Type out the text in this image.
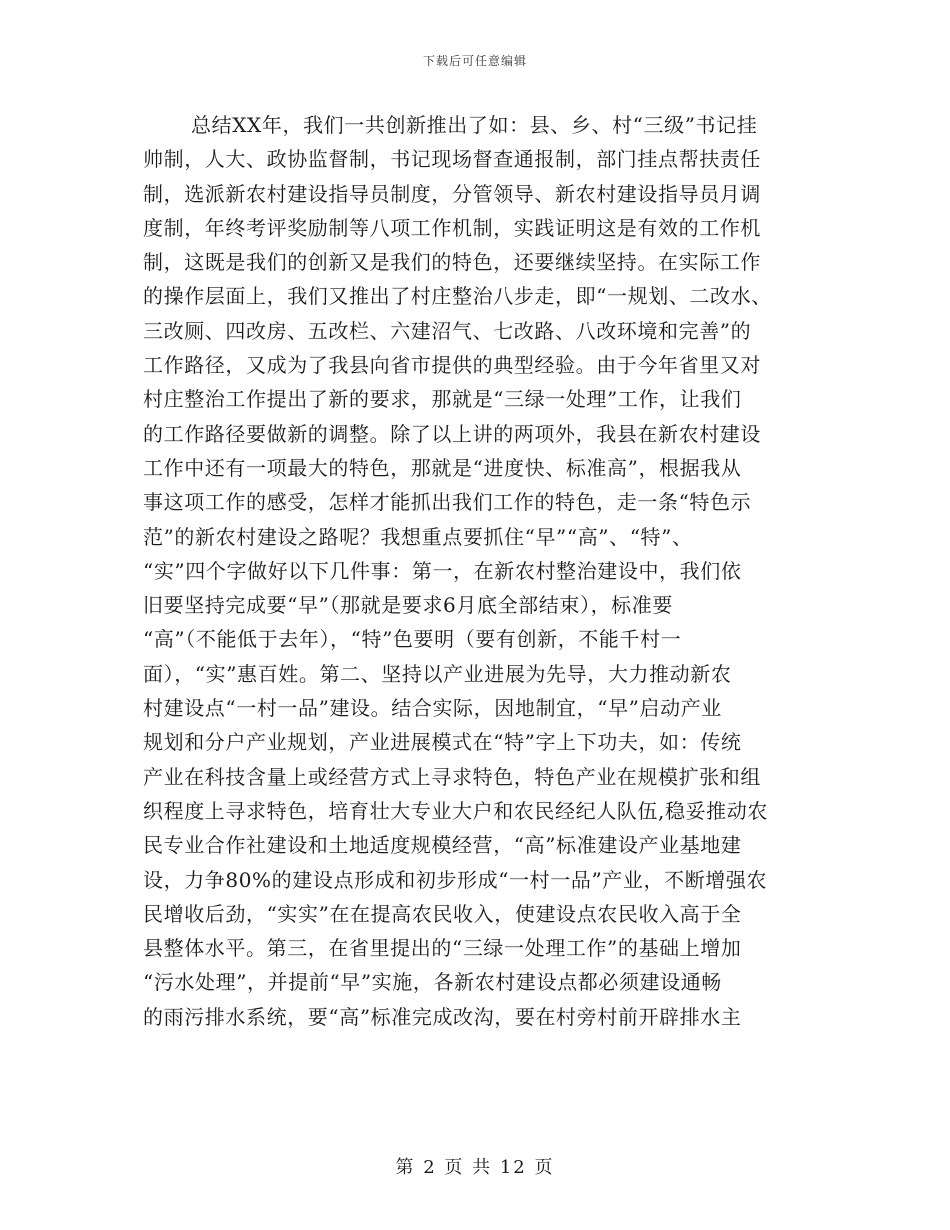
下载后可任意编辑
总结XX年，我们一共创新推出了如：县、乡、村“三级”书记挂
帅制，人大、政协监督制，书记现场督查通报制，部门挂点帮扶责任
制，选派新农村建设指导员制度，分管领导、新农村建设指导员月调
度制，年终考评奖励制等八项工作机制，实践证明这是有效的工作机
制，这既是我们的创新又是我们的特色，还要继续坚持。在实际工作
的操作层面上，我们又推出了村庄整治八步走，即“一规划、二改水、
三改厕、四改房、五改栏、六建沼气、七改路、八改环境和完善”的
工作路径，又成为了我县向省市提供的典型经验。由于今年省里又对
村庄整治工作提出了新的要求，那就是“三绿一处理”工作，让我们
的工作路径要做新的调整。除了以上讲的两项外，我县在新农村建设
工作中还有一项最大的特色，那就是“进度快、标准高”，根据我从
事这项工作的感受，怎样才能抓出我们工作的特色，走一条“特色示
范”的新农村建设之路呢？我想重点要抓住“早”“高”、“特”、
“实”四个字做好以下几件事：第一，在新农村整治建设中，我们依
旧要坚持完成要“早”（那就是要求6月底全部结束），标准要
“高”（不能低于去年），“特”色要明（要有创新，不能千村一
面），“实”惠百姓。第二、坚持以产业进展为先导，大力推动新农
村建设点“一村一品”建设。结合实际，因地制宜，“早”启动产业
规划和分户产业规划，产业进展模式在“特”字上下功夫，如：传统
产业在科技含量上或经营方式上寻求特色，特色产业在规模扩张和组
织程度上寻求特色，培育壮大专业大户和农民经纪人队伍,稳妥推动农
民专业合作社建设和土地适度规模经营，“高”标准建设产业基地建
设，力争80%的建设点形成和初步形成“一村一品”产业，不断增强农
民增收后劲，“实实”在在提高农民收入，使建设点农民收入高于全
县整体水平。第三，在省里提出的“三绿一处理工作”的基础上增加
“污水处理”，并提前“早”实施，各新农村建设点都必须建设通畅
的雨污排水系统，要“高”标准完成改沟，要在村旁村前开辟排水主
第 2 页 共 12 页
